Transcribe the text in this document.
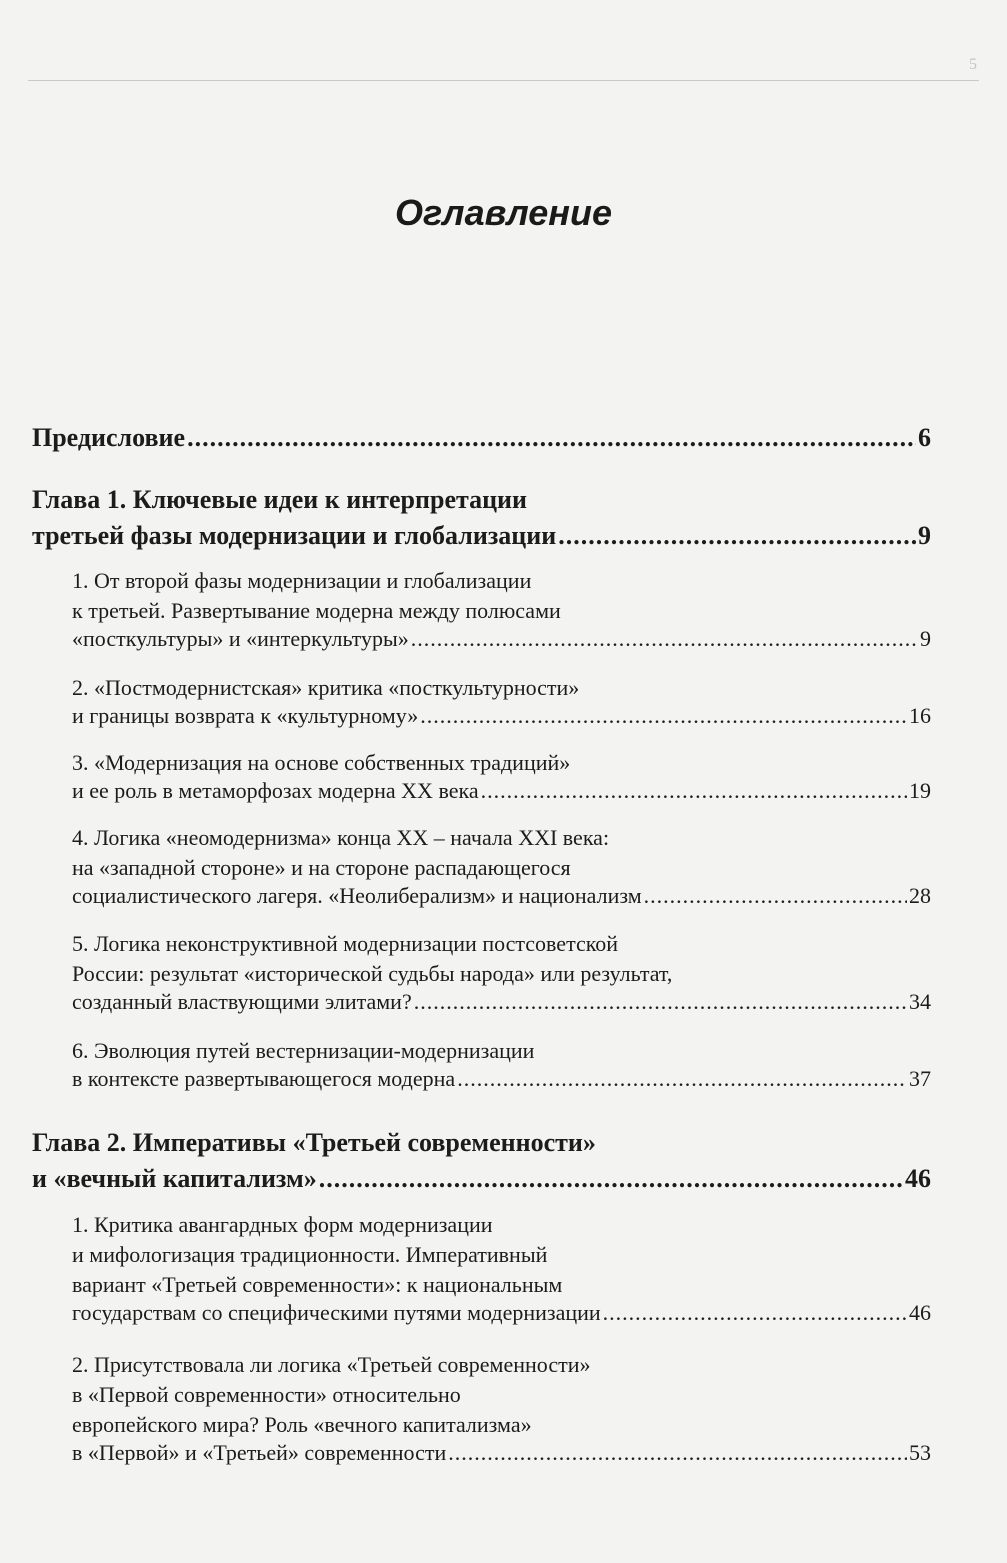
5
Оглавление
Предисловие .....	6
Глава 1. Ключевые идеи к интерпретации
третьей фазы модернизации и глобализации .....	9
1. От второй фазы модернизации и глобализации
к третьей. Развертывание модерна между полюсами
«посткультуры» и «интеркультуры» .....	9
2. «Постмодернистская» критика «посткультурности»
и границы возврата к «культурному» .....	16
3. «Модернизация на основе собственных традиций»
и ее роль в метаморфозах модерна XX века .....	19
4. Логика «неомодернизма» конца XX – начала XXI века:
на «западной стороне» и на стороне распадающегося
социалистического лагеря. «Неолиберализм» и национализм .....	28
5. Логика неконструктивной модернизации постсоветской
России: результат «исторической судьбы народа» или результат,
созданный властвующими элитами? .....	34
6. Эволюция путей вестернизации-модернизации
в контексте развертывающегося модерна .....	37
Глава 2. Императивы «Третьей современности»
и «вечный капитализм» .....	46
1. Критика авангардных форм модернизации
и мифологизация традиционности. Императивный
вариант «Третьей современности»: к национальным
государствам со специфическими путями модернизации .....	46
2. Присутствовала ли логика «Третьей современности»
в «Первой современности» относительно
европейского мира? Роль «вечного капитализма»
в «Первой» и «Третьей» современности .....	53
